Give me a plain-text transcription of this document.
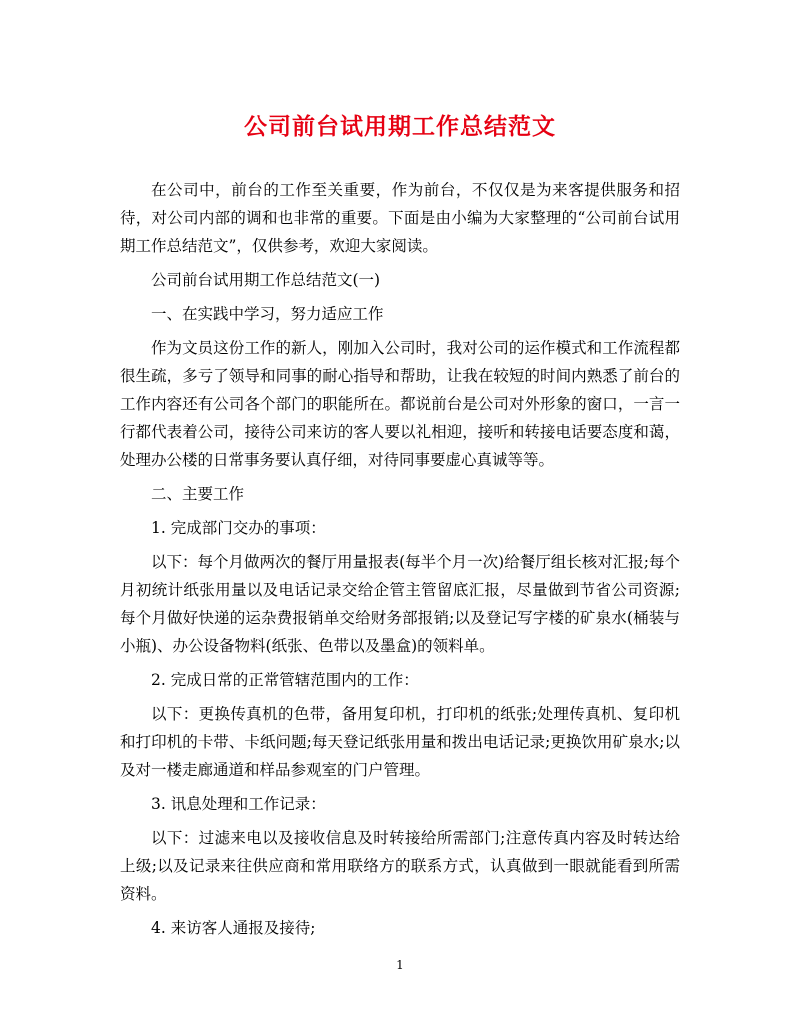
公司前台试用期工作总结范文

在公司中，前台的工作至关重要，作为前台，不仅仅是为来客提供服务和招待，对公司内部的调和也非常的重要。下面是由小编为大家整理的“公司前台试用期工作总结范文”，仅供参考，欢迎大家阅读。

公司前台试用期工作总结范文(一)

一、在实践中学习，努力适应工作

作为文员这份工作的新人，刚加入公司时，我对公司的运作模式和工作流程都很生疏，多亏了领导和同事的耐心指导和帮助，让我在较短的时间内熟悉了前台的工作内容还有公司各个部门的职能所在。都说前台是公司对外形象的窗口，一言一行都代表着公司，接待公司来访的客人要以礼相迎，接听和转接电话要态度和蔼，处理办公楼的日常事务要认真仔细，对待同事要虚心真诚等等。

二、主要工作

1. 完成部门交办的事项：

以下：每个月做两次的餐厅用量报表(每半个月一次)给餐厅组长核对汇报;每个月初统计纸张用量以及电话记录交给企管主管留底汇报，尽量做到节省公司资源;每个月做好快递的运杂费报销单交给财务部报销;以及登记写字楼的矿泉水(桶装与小瓶)、办公设备物料(纸张、色带以及墨盒)的领料单。

2. 完成日常的正常管辖范围内的工作：

以下：更换传真机的色带，备用复印机，打印机的纸张;处理传真机、复印机和打印机的卡带、卡纸问题;每天登记纸张用量和拨出电话记录;更换饮用矿泉水;以及对一楼走廊通道和样品参观室的门户管理。

3. 讯息处理和工作记录：

以下：过滤来电以及接收信息及时转接给所需部门;注意传真内容及时转达给上级;以及记录来往供应商和常用联络方的联系方式，认真做到一眼就能看到所需资料。

4. 来访客人通报及接待;

1
